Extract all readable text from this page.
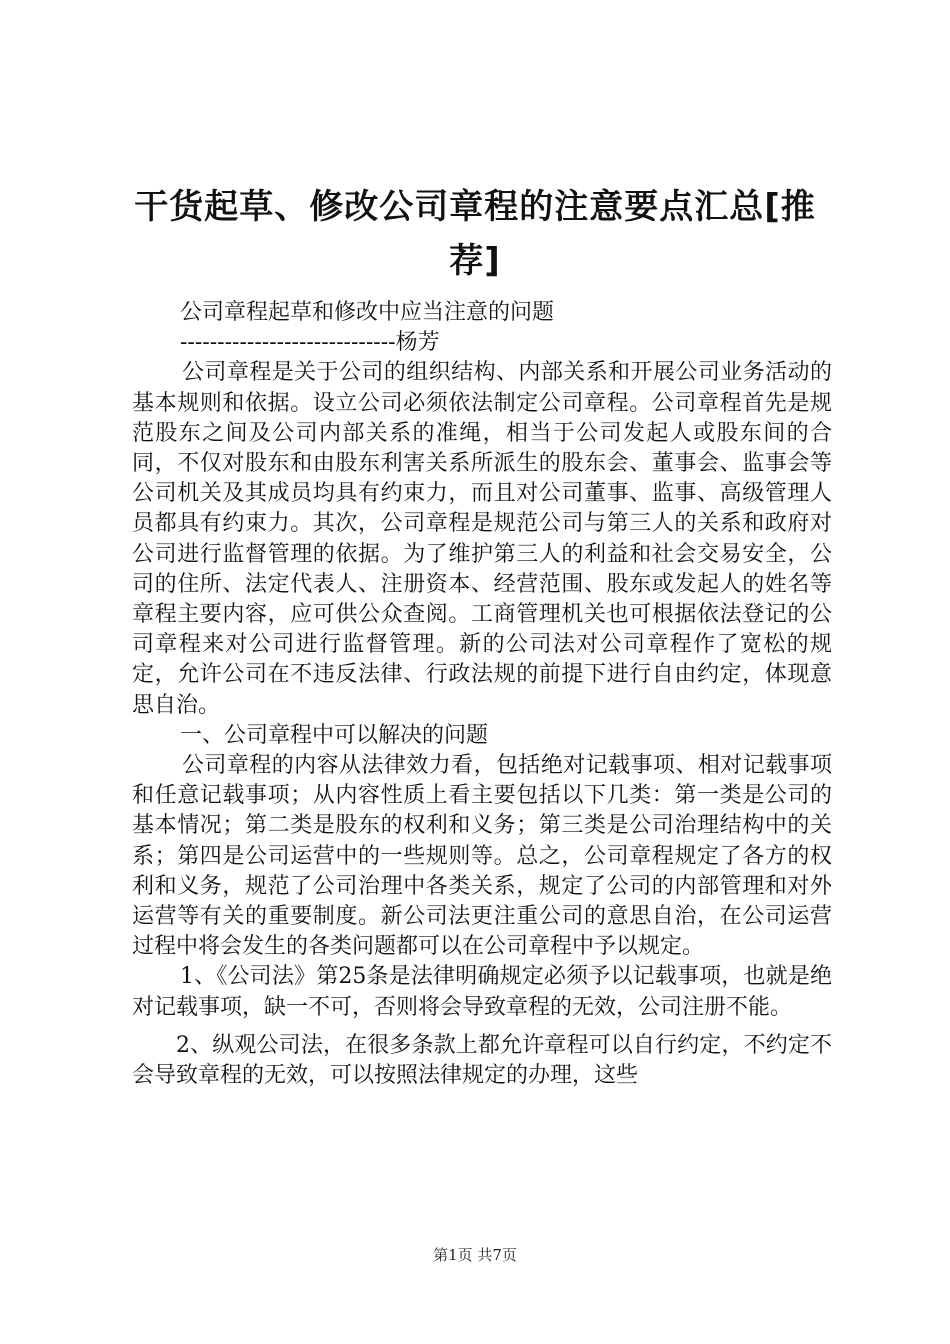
干货起草、修改公司章程的注意要点汇总[推荐]

公司章程起草和修改中应当注意的问题

-----------------------------杨芳

公司章程是关于公司的组织结构、内部关系和开展公司业务活动的基本规则和依据。设立公司必须依法制定公司章程。公司章程首先是规范股东之间及公司内部关系的准绳，相当于公司发起人或股东间的合同，不仅对股东和由股东利害关系所派生的股东会、董事会、监事会等公司机关及其成员均具有约束力，而且对公司董事、监事、高级管理人员都具有约束力。其次，公司章程是规范公司与第三人的关系和政府对公司进行监督管理的依据。为了维护第三人的利益和社会交易安全，公司的住所、法定代表人、注册资本、经营范围、股东或发起人的姓名等章程主要内容，应可供公众查阅。工商管理机关也可根据依法登记的公司章程来对公司进行监督管理。新的公司法对公司章程作了宽松的规定，允许公司在不违反法律、行政法规的前提下进行自由约定，体现意思自治。

一、公司章程中可以解决的问题

公司章程的内容从法律效力看，包括绝对记载事项、相对记载事项和任意记载事项；从内容性质上看主要包括以下几类：第一类是公司的基本情况；第二类是股东的权利和义务；第三类是公司治理结构中的关系；第四是公司运营中的一些规则等。总之，公司章程规定了各方的权利和义务，规范了公司治理中各类关系，规定了公司的内部管理和对外运营等有关的重要制度。新公司法更注重公司的意思自治，在公司运营过程中将会发生的各类问题都可以在公司章程中予以规定。

1、《公司法》第25条是法律明确规定必须予以记载事项，也就是绝对记载事项，缺一不可，否则将会导致章程的无效，公司注册不能。

2、纵观公司法，在很多条款上都允许章程可以自行约定，不约定不会导致章程的无效，可以按照法律规定的办理，这些

第1页 共7页
